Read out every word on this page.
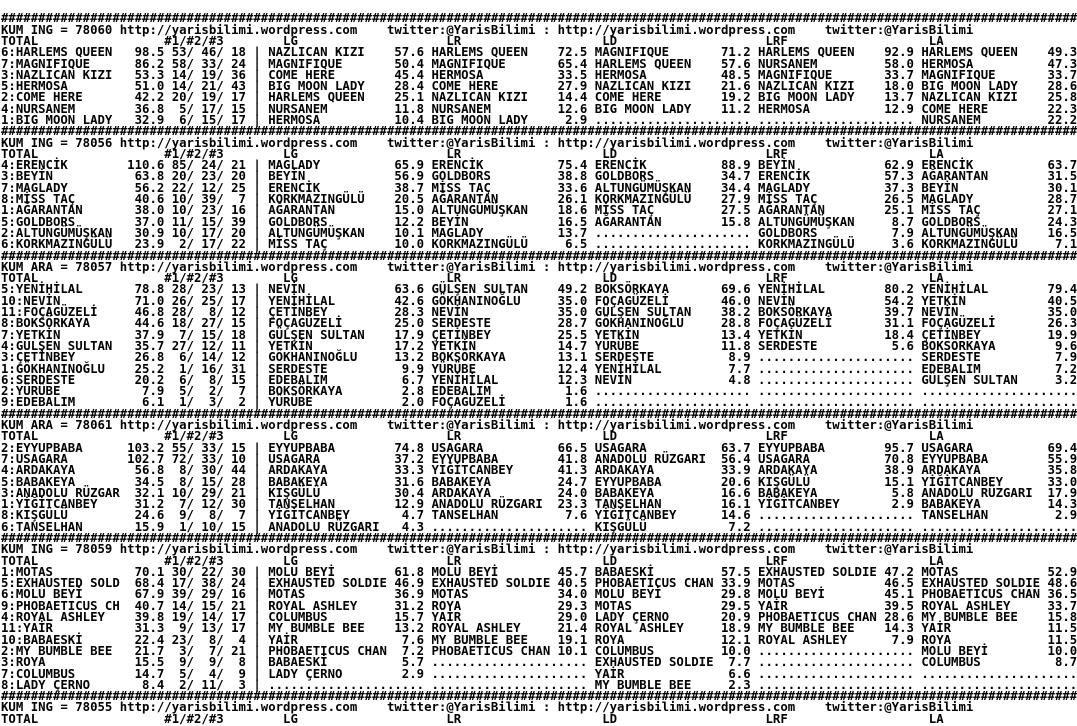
#################################################################################################################################################
KUM ING = 78060 http://yarisbilimi.wordpress.com    twitter:@YarisBilimi : http://yarisbilimi.wordpress.com    twitter:@YarisBilimi
TOTAL                 #1/#2/#3        LG                    LR                   LD                    LRF                   LA
6:HARLEMS QUEEN   98.5 53/ 46/ 18 | NAZLICAN KIZI    57.6 HARLEMS QUEEN    72.5 MAGNIFIQUE       71.2 HARLEMS QUEEN    92.9 HARLEMS QUEEN    49.3
7:MAGNIFIQUE      86.2 58/ 33/ 24 | MAGNIFIQUE       50.4 MAGNIFIQUE       65.4 HARLEMS QUEEN    57.6 NURSANEM         58.0 HERMOSA          47.3
3:NAZLICAN KIZI   53.3 14/ 19/ 36 | COME HERE        45.4 HERMOSA          33.5 HERMOSA          48.5 MAGNIFIQUE       33.7 MAGNIFIQUE       33.7
5:HERMOSA         51.0 14/ 21/ 43 | BIG MOON LADY    28.4 COME HERE        27.9 NAZLICAN KIZI    21.6 NAZLICAN KIZI    18.0 BIG MOON LADY    28.6
2:COME HERE       42.2 20/ 19/ 17 | HARLEMS QUEEN    25.1 NAZLICAN KIZI    14.4 COME HERE        19.2 BIG MOON LADY    13.7 NAZLICAN KIZI    25.8
4:NURSANEM        36.8  5/ 17/ 15 | NURSANEM         11.8 NURSANEM         12.6 BIG MOON LADY    11.2 HERMOSA          12.9 COME HERE        22.3
1:BIG MOON LADY   32.9  6/ 15/ 17 | HERMOSA          10.4 BIG MOON LADY     2.9 ..................... ..................... NURSANEM         22.2
#################################################################################################################################################
KUM ING = 78056 http://yarisbilimi.wordpress.com    twitter:@YarisBilimi : http://yarisbilimi.wordpress.com    twitter:@YarisBilimi
TOTAL                 #1/#2/#3        LG                    LR                   LD                    LRF                   LA
4:ERENCİK        110.6 85/ 24/ 21 | MAGLADY          65.9 ERENCİK          75.4 ERENCİK          88.9 BEYİN            62.9 ERENCİK          63.7
3:BEYİN           63.8 20/ 23/ 20 | BEYİN            56.9 GOLDBORS         38.8 GOLDBORS         34.7 ERENCİK          57.3 AĞARANTAN        31.5
7:MAGLADY         56.2 22/ 12/ 25 | ERENCİK          38.7 MİSS TAÇ         33.6 ALTUNGÜMÜŞKAN    34.4 MAGLADY          37.3 BEYİN            30.1
8:MİSS TAÇ        40.6 10/ 39/  7 | KORKMAZINGÜLÜ    20.5 AĞARANTAN        26.1 KORKMAZINGÜLÜ    27.9 MİSS TAÇ         26.5 MAGLADY          28.7
1:AĞARANTAN       38.0 10/ 23/ 16 | AĞARANTAN        15.0 ALTUNGÜMÜŞKAN    18.6 MİSS TAÇ         27.5 AĞARANTAN        25.1 MİSS TAÇ         27.1
5:GOLDBORS        37.0 11/ 15/ 39 | GOLDBORS         12.2 BEYİN            16.5 AĞARANTAN        15.8 ALTUNGÜMÜŞKAN     8.7 GOLDBORS         24.3
2:ALTUNGÜMÜŞKAN   30.9 10/ 17/ 20 | ALTUNGÜMÜŞKAN    10.1 MAGLADY          13.7 ..................... GOLDBORS          7.9 ALTUNGÜMÜŞKAN    16.5
6:KORKMAZINGÜLÜ   23.9  2/ 17/ 22 | MİSS TAÇ         10.0 KORKMAZINGÜLÜ     6.5 ..................... KORKMAZINGÜLÜ     3.6 KORKMAZINGÜLÜ     7.1
#################################################################################################################################################
KUM ARA = 78057 http://yarisbilimi.wordpress.com    twitter:@YarisBilimi : http://yarisbilimi.wordpress.com    twitter:@YarisBilimi
TOTAL                 #1/#2/#3        LG                    LR                   LD                    LRF                   LA
5:YENİHİLAL       78.8 28/ 23/ 13 | NEVİN            63.6 GÜLŞEN SULTAN    49.2 BOKSÖRKAYA       69.6 YENİHİLAL        80.2 YENİHİLAL        79.4
10:NEVİN          71.0 26/ 25/ 17 | YENİHİLAL        42.6 GÖKHANINOĞLU     35.0 FOÇAGÜZELİ       46.0 NEVİN            54.2 YETKİN           40.5
11:FOÇAGÜZELİ     46.8 28/  8/ 12 | ÇETİNBEY         28.3 NEVİN            35.0 GÜLŞEN SULTAN    38.2 BOKSÖRKAYA       39.7 NEVİN            35.0
8:BOKSÖRKAYA      44.6 18/ 27/ 15 | FOÇAGÜZELİ       25.0 SERDESTE         28.7 GÖKHANINOĞLU     28.8 FOÇAGÜZELİ       31.1 FOÇAGÜZELİ       26.3
7:YETKİN          37.9  7/ 15/ 18 | GÜLŞEN SULTAN    17.9 ÇETİNBEY         25.5 YETKİN           13.4 YETKİN           18.4 ÇETİNBEY         19.9
4:GÜLŞEN SULTAN   35.7 27/ 12/ 11 | YETKİN           17.2 YETKİN           14.7 YÜRÜBE           11.8 SERDESTE          5.6 BOKSÖRKAYA        9.6
3:ÇETİNBEY        26.8  6/ 14/ 12 | GÖKHANINOĞLU     13.2 BOKSÖRKAYA       13.1 SERDESTE          8.9 ..................... SERDESTE          7.9
1:GÖKHANINOĞLU    25.2  1/ 16/ 31 | SERDESTE          9.9 YÜRÜBE           12.4 YENİHİLAL         7.7 ..................... EDEBALIM          7.2
6:SERDESTE        20.2  6/  8/ 15 | EDEBALIM          6.7 YENİHİLAL        12.3 NEVİN             4.8 ..................... GÜLŞEN SULTAN     3.2
2:YÜRÜBE           7.9  5/  2/  7 | BOKSÖRKAYA        2.8 EDEBALIM          1.6 ..................... ..................... .....................
9:EDEBALIM         6.1  1/  3/  2 | YÜRÜBE            2.0 FOÇAGÜZELİ        1.6 ..................... ..................... .....................
#################################################################################################################################################
KUM ARA = 78061 http://yarisbilimi.wordpress.com    twitter:@YarisBilimi : http://yarisbilimi.wordpress.com    twitter:@YarisBilimi
TOTAL                 #1/#2/#3        LG                    LR                   LD                    LRF                   LA
2:EYYUPBABA      103.2 55/ 33/ 15 | EYYUPBABA        74.8 USAGARA          66.5 USAGARA          63.7 EYYUPBABA        95.7 USAGARA          69.4
7:USAGARA        102.7 72/ 33/ 10 | USAGARA          37.2 EYYUPBABA        41.8 ANADOLU RÜZGARI  56.4 USAGARA          70.8 EYYUPBABA        55.9
4:ARDAKAYA        56.8  8/ 30/ 44 | ARDAKAYA         33.3 YİĞİTCANBEY      41.3 ARDAKAYA         33.9 ARDAKAYA         38.9 ARDAKAYA         35.8
5:BABAKEYA        34.5  8/ 15/ 28 | BABAKEYA         31.6 BABAKEYA         24.7 EYYUPBABA        20.6 KIŞGÜLÜ          15.1 YİĞİTCANBEY      33.0
3:ANADOLU RÜZGAR  32.1 10/ 29/ 21 | KIŞGÜLÜ          30.4 ARDAKAYA         24.0 BABAKEYA         16.6 BABAKEYA          5.8 ANADOLU RÜZGARI  17.9
1:YİĞİTCANBEY     31.2  7/ 12/ 30 | TANSELHAN        12.9 ANADOLU RÜZGARI  23.3 TANSELHAN        16.1 YİĞİTCANBEY       2.9 BABAKEYA         14.3
8:KIŞGÜLÜ         24.6  9/  8/  7 | YİĞİTCANBEY       4.7 TANSELHAN         7.6 YİĞİTCANBEY      14.6 ..................... TANSELHAN         2.9
6:TANSELHAN       15.9  1/ 10/ 15 | ANADOLU RÜZGARI   4.3 ..................... KIŞGÜLÜ           7.2 ..................... .....................
#################################################################################################################################################
KUM ING = 78059 http://yarisbilimi.wordpress.com    twitter:@YarisBilimi : http://yarisbilimi.wordpress.com    twitter:@YarisBilimi
TOTAL                 #1/#2/#3        LG                    LR                   LD                    LRF                   LA
1:MOTAS           70.1 30/ 22/ 30 | MOLU BEYİ        61.8 MOLU BEYİ        45.7 BABAESKİ         57.5 EXHAUSTED SOLDIE 47.2 MOTAS            52.9
5:EXHAUSTED SOLD  68.4 17/ 38/ 24 | EXHAUSTED SOLDIE 46.9 EXHAUSTED SOLDIE 40.5 PHOBAETICUS CHAN 33.9 MOTAS            46.5 EXHAUSTED SOLDIE 48.6
6:MOLU BEYİ       67.9 39/ 29/ 16 | MOTAS            36.9 MOTAS            34.0 MOLU BEYİ        29.8 MOLU BEYİ        45.1 PHOBAETICUS CHAN 36.5
9:PHOBAETICUS CH  40.7 14/ 15/ 21 | ROYAL ASHLEY     31.2 ROYA             29.3 MOTAS            29.5 YAİR             39.5 ROYAL ASHLEY     33.7
4:ROYAL ASHLEY    39.8 19/ 14/ 17 | COLUMBUS         15.7 YAİR             29.0 LADY ÇERNO       20.9 PHOBAETICUS CHAN 28.6 MY BUMBLE BEE    15.8
11:YAİR           31.3  9/ 13/ 17 | MY BUMBLE BEE    13.2 ROYAL ASHLEY     21.4 ROYAL ASHLEY     18.9 MY BUMBLE BEE    14.3 YAİR             11.5
10:BABAESKİ       22.4 23/  8/  4 | YAİR              7.6 MY BUMBLE BEE    19.1 ROYA             12.1 ROYAL ASHLEY      7.9 ROYA             11.5
2:MY BUMBLE BEE   21.7  3/  7/ 21 | PHOBAETICUS CHAN  7.2 PHOBAETICUS CHAN 10.1 COLUMBUS         10.0 ..................... MOLU BEYİ        10.0
3:ROYA            15.5  9/  9/  8 | BABAESKİ          5.7 ..................... EXHAUSTED SOLDIE  7.7 ..................... COLUMBUS          8.7
7:COLUMBUS        14.7  5/  4/  9 | LADY ÇERNO        2.9 ..................... YAİR              6.6 ..................... .....................
8:LADY ÇERNO       8.4  2/ 11/  3 | ..................... ..................... MY BUMBLE BEE     2.3 ..................... .....................
#################################################################################################################################################
KUM ING = 78055 http://yarisbilimi.wordpress.com    twitter:@YarisBilimi : http://yarisbilimi.wordpress.com    twitter:@YarisBilimi
TOTAL                 #1/#2/#3        LG                    LR                   LD                    LRF                   LA
